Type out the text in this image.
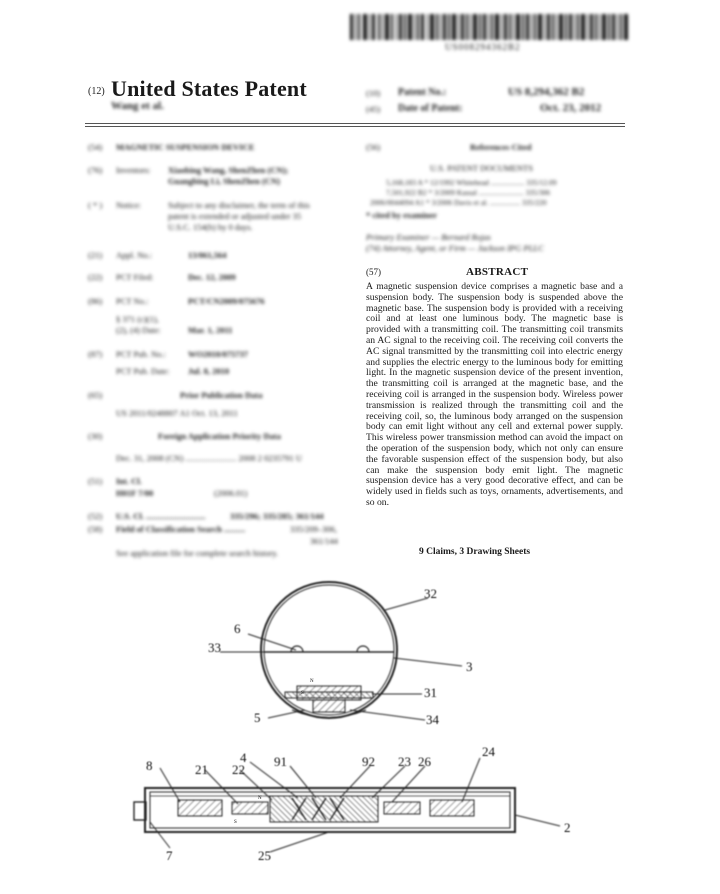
US008294362B2
(12) United States Patent
Wang et al.
(10) Patent No.:	US 8,294,362 B2
(45) Date of Patent:	Oct. 23, 2012
(54) MAGNETIC SUSPENSION DEVICE
(76) Inventors: Xiaobing Wang, ShenZhen (CN);
Guangbing Li, ShenZhen (CN)
( * ) Notice:	Subject to any disclaimer, the term of this
patent is extended or adjusted under 35
U.S.C. 154(b) by 0 days.
(21) Appl. No.:	13/061,564
(22) PCT Filed:	Dec. 12, 2009
(86) PCT No.:	PCT/CN2009/075676
§ 371 (c)(1),
(2), (4) Date:	Mar. 1, 2011
(87) PCT Pub. No.:	WO2010/075737
PCT Pub. Date: Jul. 8, 2010
(65)	Prior Publication Data
US 2011/0248807 A1 Oct. 13, 2011
(30)	Foreign Application Priority Data
Dec. 31, 2008 (CN) ........................ 2008 2 0235791 U
(51) Int. Cl.
H01F 7/00	(2006.01)
(52) U.S. Cl. ............................	335/296; 335/285; 361/144
(58) Field of Classification Search ..........	335/209–306,
361/144
See application file for complete search history.
(56)	References Cited
U.S. PATENT DOCUMENTS
5,168,183 A * 12/1992 Whitehead .................. 335/12.09
7,501,922 B2 * 3/2009 Kassal ........................ 335/306
2006/0044094 A1 * 3/2006 Davis et al. ................ 335/220
* cited by examiner
Primary Examiner — Bernard Rojas
(74) Attorney, Agent, or Firm — Jackson IPG PLLC
(57)	ABSTRACT
A magnetic suspension device comprises a magnetic base and a suspension body. The suspension body is suspended above the magnetic base. The suspension body is provided with a receiving coil and at least one luminous body. The magnetic base is provided with a transmitting coil. The transmitting coil transmits an AC signal to the receiving coil. The receiving coil converts the AC signal transmitted by the transmitting coil into electric energy and supplies the electric energy to the luminous body for emitting light. In the magnetic suspension device of the present invention, the transmitting coil is arranged at the magnetic base, and the receiving coil is arranged in the suspension body. Wireless power transmission is realized through the transmitting coil and the receiving coil, so, the luminous body arranged on the suspension body can emit light without any cell and external power supply. This wireless power transmission method can avoid the impact on the operation of the suspension body, which not only can ensure the favorable suspension effect of the suspension body, but also can make the suspension body emit light. The magnetic suspension device has a very good decorative effect, and can be widely used in fields such as toys, ornaments, advertisements, and so on.
9 Claims, 3 Drawing Sheets
32
6
33
3
31
5	34
8	21 22
4 91	92 23 26
24
2
7	25
N
S
N
S
